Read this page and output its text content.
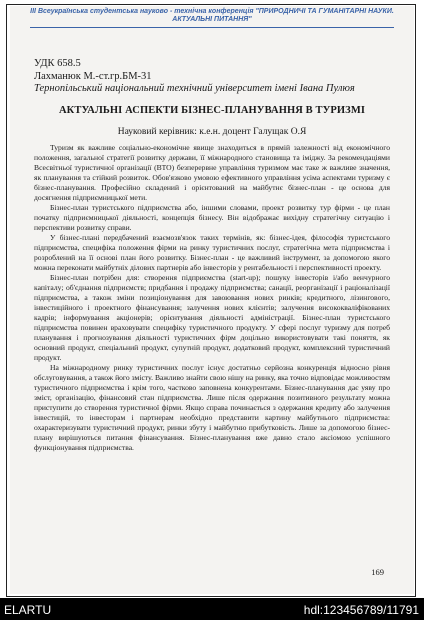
ІІІ Всеукраїнська студентська науково - технічна конференція "ПРИРОДНИЧІ ТА ГУМАНІТАРНІ НАУКИ.
АКТУАЛЬНІ ПИТАННЯ"
УДК 658.5
Лахманюк М.-ст.гр.БМ-31
Тернопільський національний технічний університет імені Івана Пулюя
АКТУАЛЬНІ АСПЕКТИ БІЗНЕС-ПЛАНУВАННЯ В ТУРИЗМІ
Науковий керівник: к.е.н. доцент Галущак О.Я

Туризм як важливе соціально-економічне явище знаходиться в прямій залежності від економічного положення, загальної стратегії розвитку держави, її міжнародного становища та іміджу. За рекомендаціями Всесвітньої туристичної організації (ВТО) безперервне управління туризмом має таке ж важливе значення, як планування та стійкий розвиток. Обов'язково умовою ефективного управління усіма аспектами туризму є бізнес-планування. Професійно складений і орієнтований на майбутнє бізнес-план - це основа для досягнення підприємницької мети.

Бізнес-план туристського підприємства або, іншими словами, проект розвитку тур фірми - це план початку підприємницької діяльності, концепція бізнесу. Він відображає вихідну стратегічну ситуацію і перспективи розвитку справи.

У бізнес-плані передбачений взаємозв'язок таких термінів, як: бізнес-ідея, філософія туристського підприємства, специфіка положення фірми на ринку туристичних послуг, стратегічна мета підприємства і розроблений на її основі план його розвитку. Бізнес-план - це важливий інструмент, за допомогою якого можна переконати майбутніх ділових партнерів або інвесторів у рентабельності і перспективності проекту.

Бізнес-план потрібен для: створення підприємства (start-up); пошуку інвесторів і/або венчурного капіталу; об'єднання підприємств; придбання і продажу підприємства; санації, реорганізації і раціоналізації підприємства, а також зміни позиціонування для завоювання нових ринків; кредитного, лізингового, інвестиційного і проектного фінансування; залучення нових клієнтів; залучення висококваліфікованих кадрів; інформування акціонерів; орієнтування діяльності адміністрації. Бізнес-план туристського підприємства повинен враховувати специфіку туристичного продукту. У сфері послуг туризму для потреб планування і прогнозування діяльності туристичних фірм доцільно використовувати такі поняття, як основний продукт, спеціальний продукт, супутній продукт, додатковий продукт, комплексний туристичний продукт.

На міжнародному ринку туристичних послуг існує достатньо серйозна конкуренція відносно рівня обслуговування, а також його змісту. Важливо знайти свою нішу на ринку, яка точно відповідає можливостям туристичного підприємства і крім того, частково заповнена конкурентами. Бізнес-планування дає уяву про зміст, організацію, фінансовий стан підприємства. Лише після одержання позитивного результату можна приступити до створення туристичної фірми. Якщо справа починається з одержання кредиту або залучення інвестицій, то інвесторам і партнерам необхідно представити картину майбутнього підприємства: охарактеризувати туристичний продукт, ринки збуту і майбутню прибутковість. Лише за допомогою бізнес-плану вирішуються питання фінансування. Бізнес-планування вже давно стало аксіомою успішного функціонування підприємства.

169
ELARTU	hdl:123456789/11791
